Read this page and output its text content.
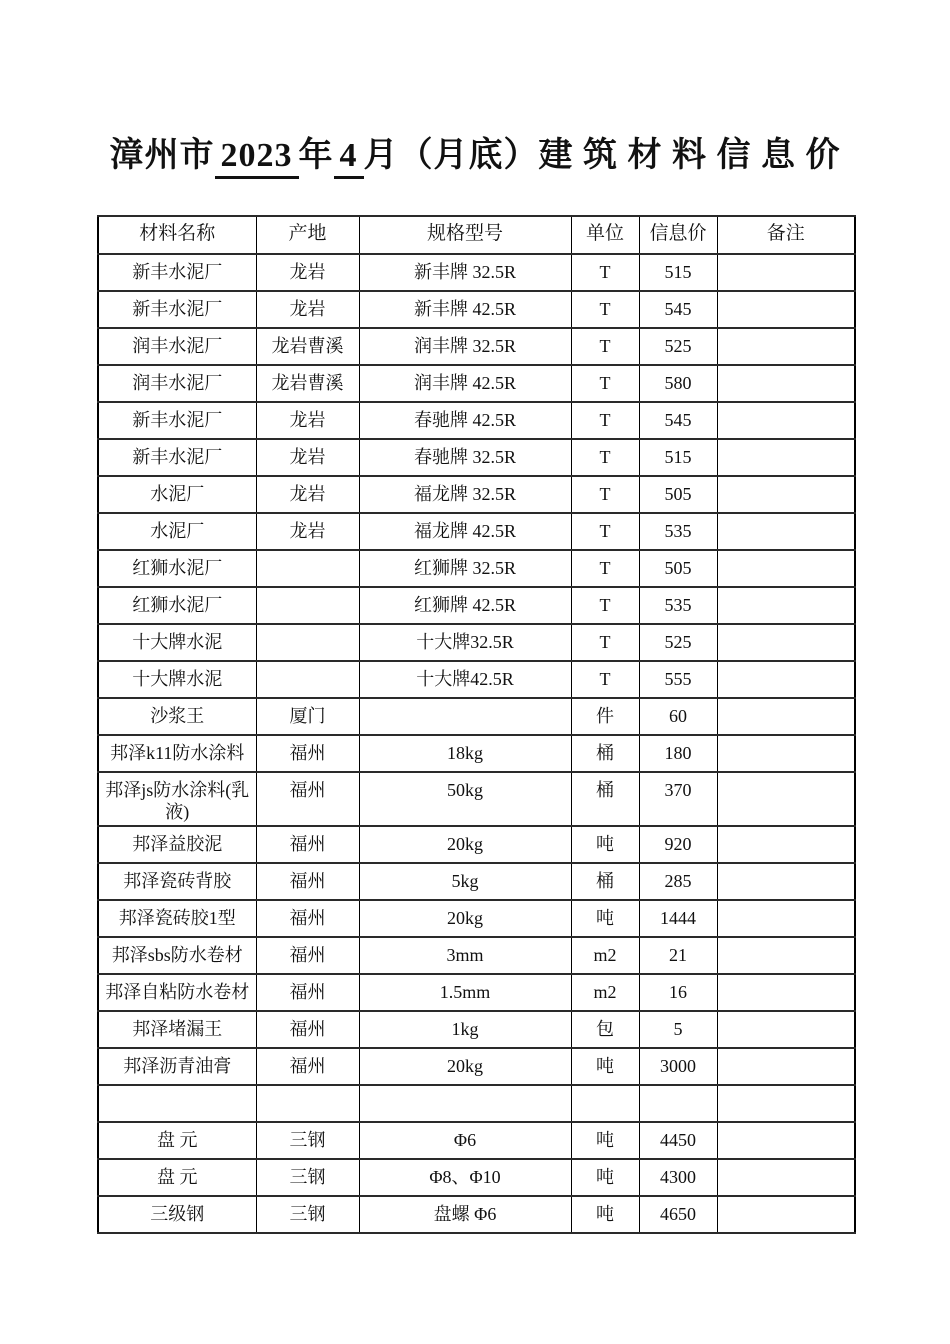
漳州市 2023 年 4 月（月底）建 筑 材 料 信 息 价
材料名称	产地	规格型号	单位	信息价	备注
新丰水泥厂	龙岩	新丰牌 32.5R	T	515	
新丰水泥厂	龙岩	新丰牌 42.5R	T	545	
润丰水泥厂	龙岩曹溪	润丰牌 32.5R	T	525	
润丰水泥厂	龙岩曹溪	润丰牌 42.5R	T	580	
新丰水泥厂	龙岩	春驰牌 42.5R	T	545	
新丰水泥厂	龙岩	春驰牌 32.5R	T	515	
水泥厂	龙岩	福龙牌 32.5R	T	505	
水泥厂	龙岩	福龙牌 42.5R	T	535	
红狮水泥厂		红狮牌 32.5R	T	505	
红狮水泥厂		红狮牌 42.5R	T	535	
十大牌水泥		十大牌32.5R	T	525	
十大牌水泥		十大牌42.5R	T	555	
沙浆王	厦门		件	60	
邦泽k11防水涂料	福州	18kg	桶	180	
邦泽js防水涂料(乳液)	福州	50kg	桶	370	
邦泽益胶泥	福州	20kg	吨	920	
邦泽瓷砖背胶	福州	5kg	桶	285	
邦泽瓷砖胶1型	福州	20kg	吨	1444	
邦泽sbs防水卷材	福州	3mm	m2	21	
邦泽自粘防水卷材	福州	1.5mm	m2	16	
邦泽堵漏王	福州	1kg	包	5	
邦泽沥青油膏	福州	20kg	吨	3000	

盘 元	三钢	Φ6	吨	4450	
盘 元	三钢	Φ8、Φ10	吨	4300	
三级钢	三钢	盘螺 Φ6	吨	4650	
